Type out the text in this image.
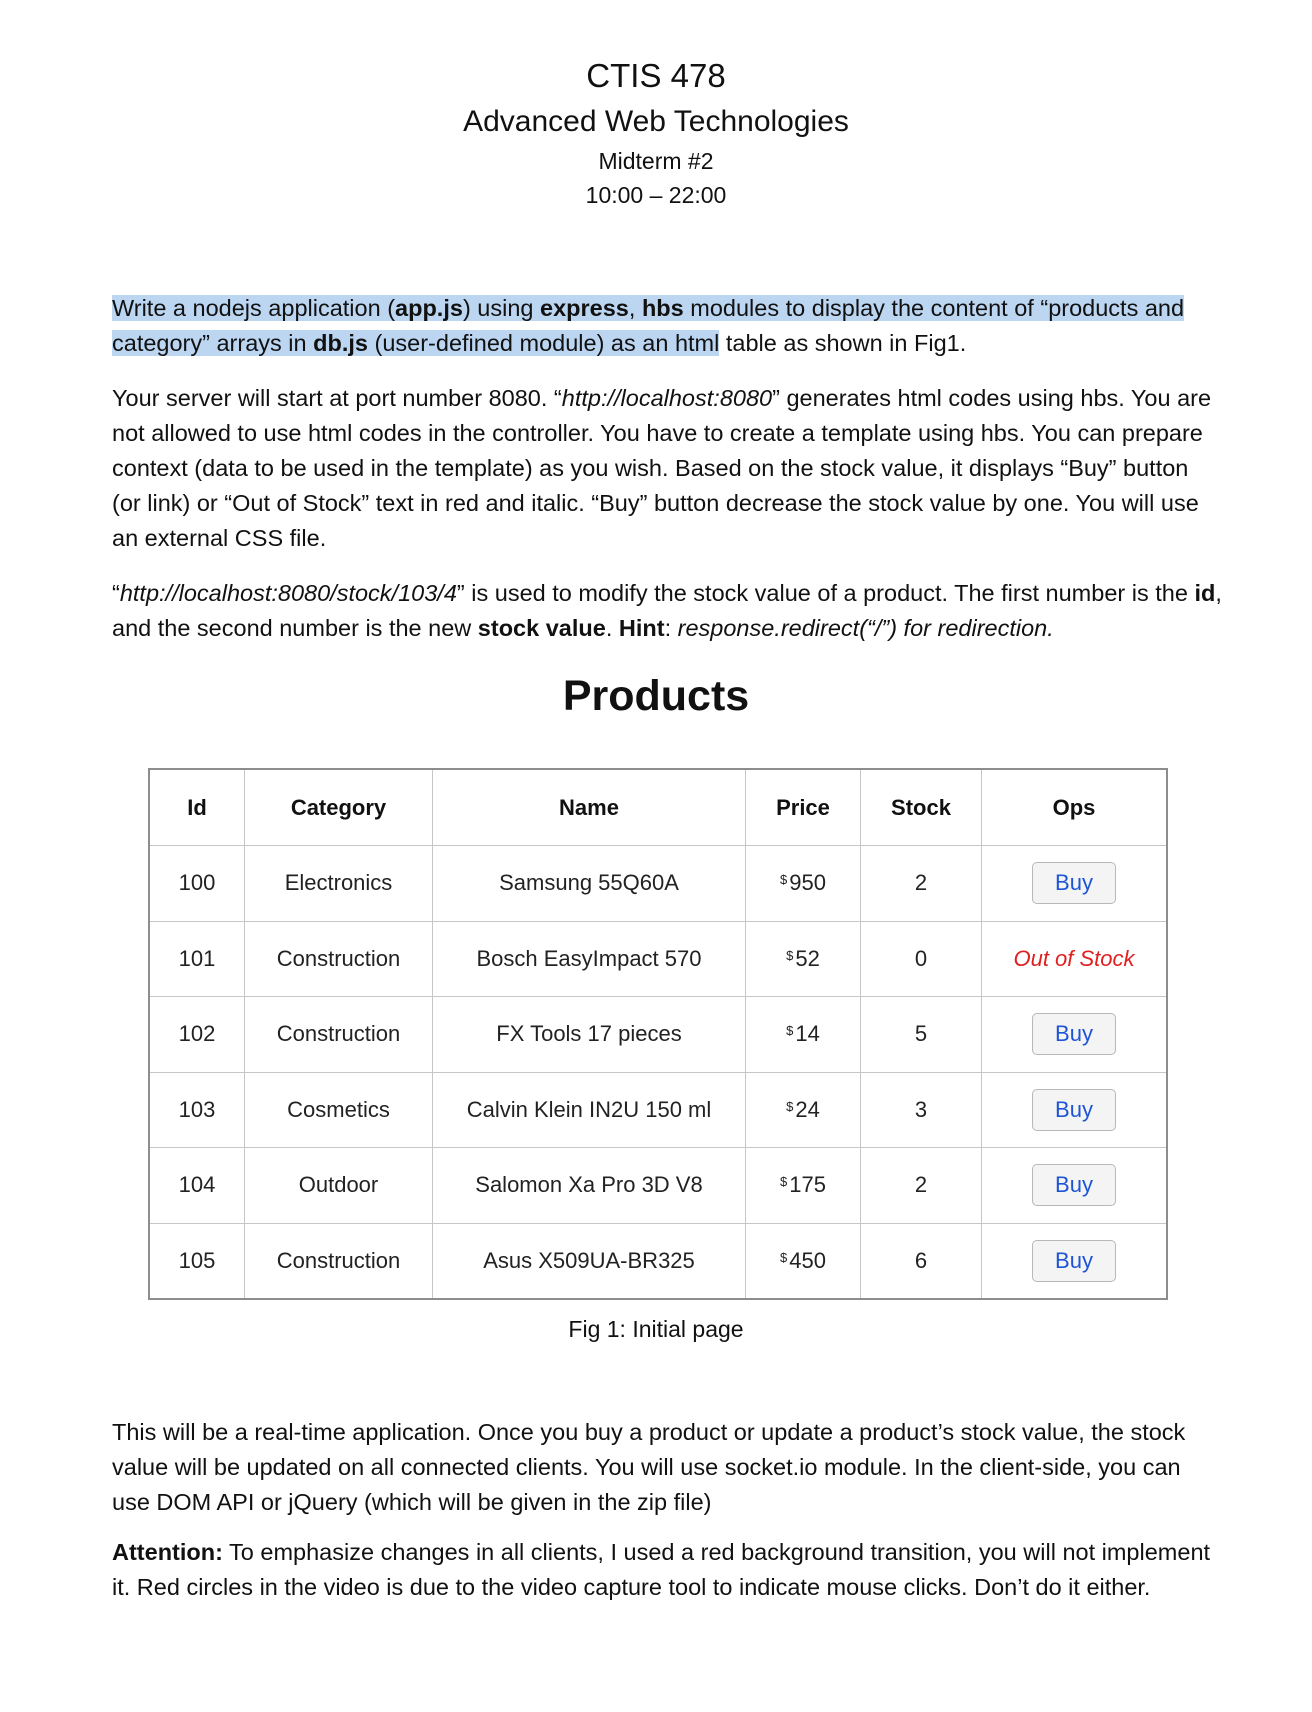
CTIS 478
Advanced Web Technologies
Midterm #2
10:00 – 22:00
Write a nodejs application (app.js) using express, hbs modules to display the content of “products and category” arrays in db.js (user-defined module) as an html table as shown in Fig1.
Your server will start at port number 8080. “http://localhost:8080” generates html codes using hbs. You are not allowed to use html codes in the controller. You have to create a template using hbs. You can prepare context (data to be used in the template) as you wish. Based on the stock value, it displays “Buy” button (or link) or “Out of Stock” text in red and italic. “Buy” button decrease the stock value by one. You will use an external CSS file.
“http://localhost:8080/stock/103/4” is used to modify the stock value of a product. The first number is the id, and the second number is the new stock value. Hint: response.redirect(“/”) for redirection.
Products
Id	Category	Name	Price	Stock	Ops
100	Electronics	Samsung 55Q60A	$950	2	Buy
101	Construction	Bosch EasyImpact 570	$52	0	Out of Stock
102	Construction	FX Tools 17 pieces	$14	5	Buy
103	Cosmetics	Calvin Klein IN2U 150 ml	$24	3	Buy
104	Outdoor	Salomon Xa Pro 3D V8	$175	2	Buy
105	Construction	Asus X509UA-BR325	$450	6	Buy
Fig 1: Initial page
This will be a real-time application. Once you buy a product or update a product’s stock value, the stock value will be updated on all connected clients. You will use socket.io module. In the client-side, you can use DOM API or jQuery (which will be given in the zip file)
Attention: To emphasize changes in all clients, I used a red background transition, you will not implement it. Red circles in the video is due to the video capture tool to indicate mouse clicks. Don’t do it either.
